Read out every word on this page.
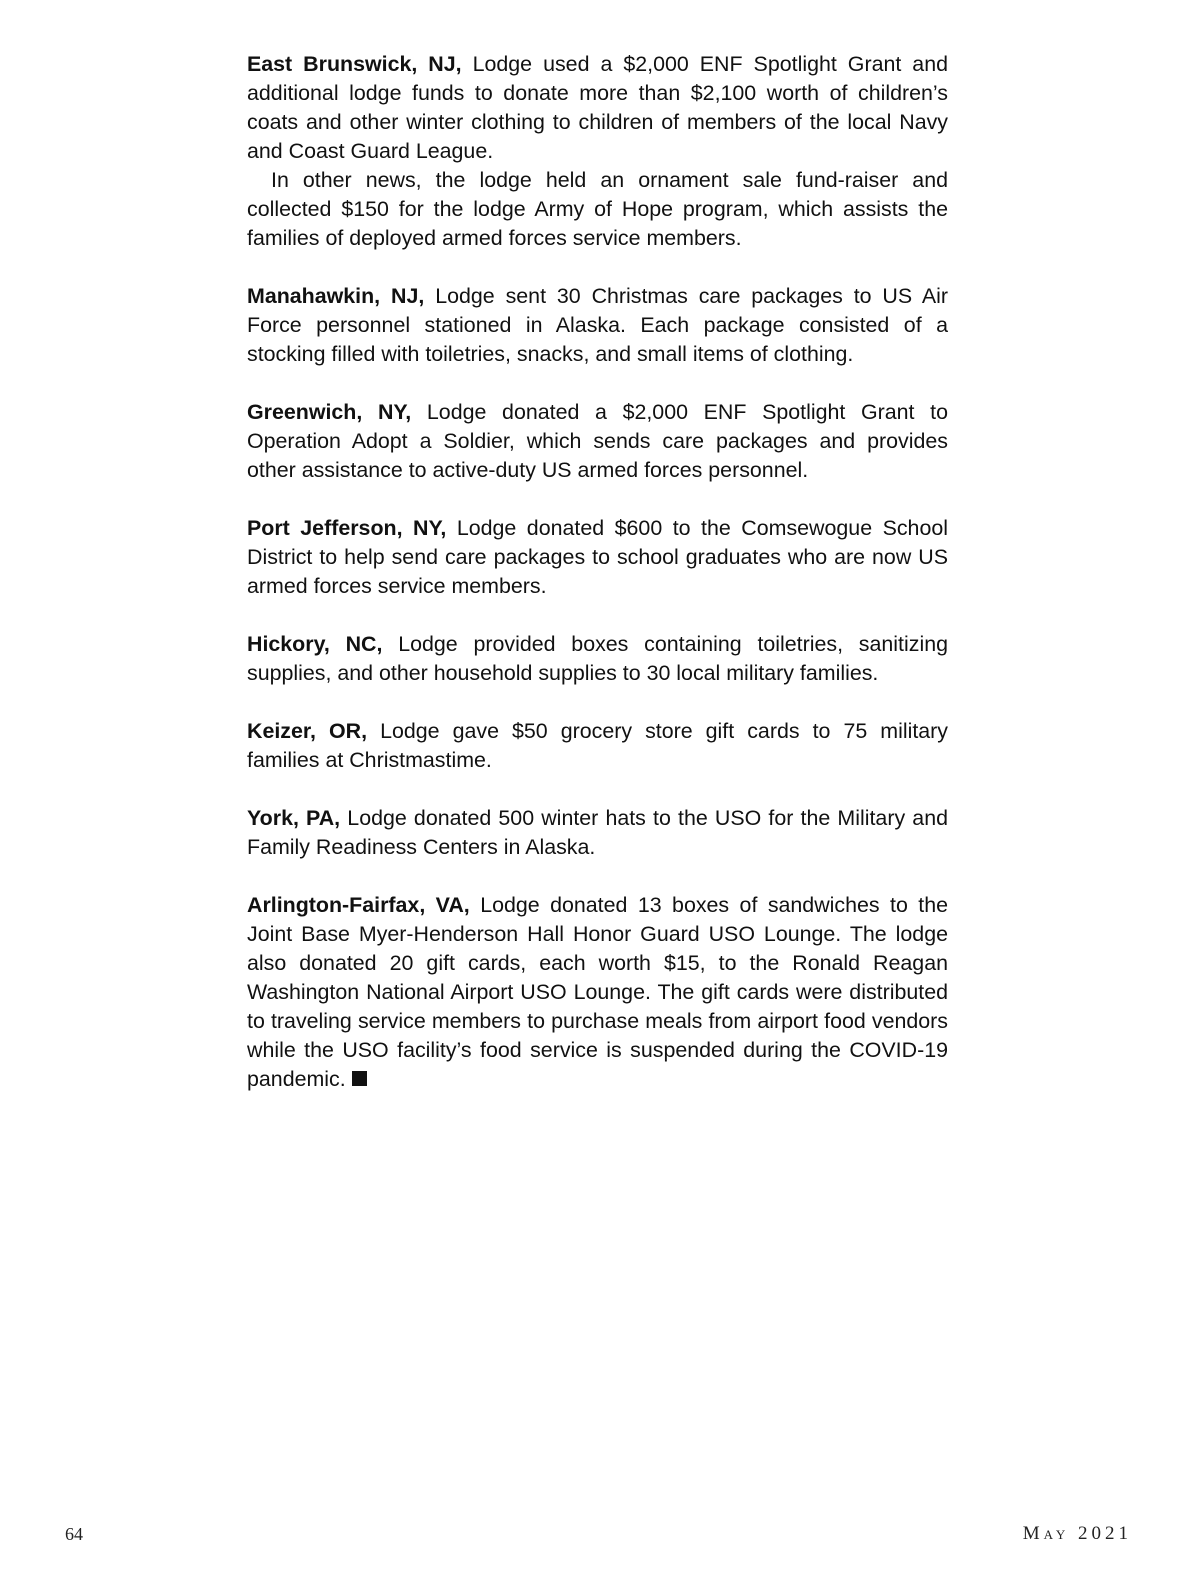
East Brunswick, NJ, Lodge used a $2,000 ENF Spotlight Grant and additional lodge funds to donate more than $2,100 worth of children’s coats and other winter clothing to children of members of the local Navy and Coast Guard League.

In other news, the lodge held an ornament sale fund-raiser and collected $150 for the lodge Army of Hope program, which assists the families of deployed armed forces service members.

Manahawkin, NJ, Lodge sent 30 Christmas care packages to US Air Force personnel stationed in Alaska. Each package consisted of a stocking filled with toiletries, snacks, and small items of clothing.

Greenwich, NY, Lodge donated a $2,000 ENF Spotlight Grant to Operation Adopt a Soldier, which sends care packages and provides other assistance to active-duty US armed forces personnel.

Port Jefferson, NY, Lodge donated $600 to the Comsewogue School District to help send care packages to school graduates who are now US armed forces service members.

Hickory, NC, Lodge provided boxes containing toiletries, sanitizing supplies, and other household supplies to 30 local military families.

Keizer, OR, Lodge gave $50 grocery store gift cards to 75 military families at Christmastime.

York, PA, Lodge donated 500 winter hats to the USO for the Military and Family Readiness Centers in Alaska.

Arlington-Fairfax, VA, Lodge donated 13 boxes of sandwiches to the Joint Base Myer-Henderson Hall Honor Guard USO Lounge. The lodge also donated 20 gift cards, each worth $15, to the Ronald Reagan Washington National Airport USO Lounge. The gift cards were distributed to traveling service members to purchase meals from airport food vendors while the USO facility’s food service is suspended during the COVID-19 pandemic.

64	May 2021
